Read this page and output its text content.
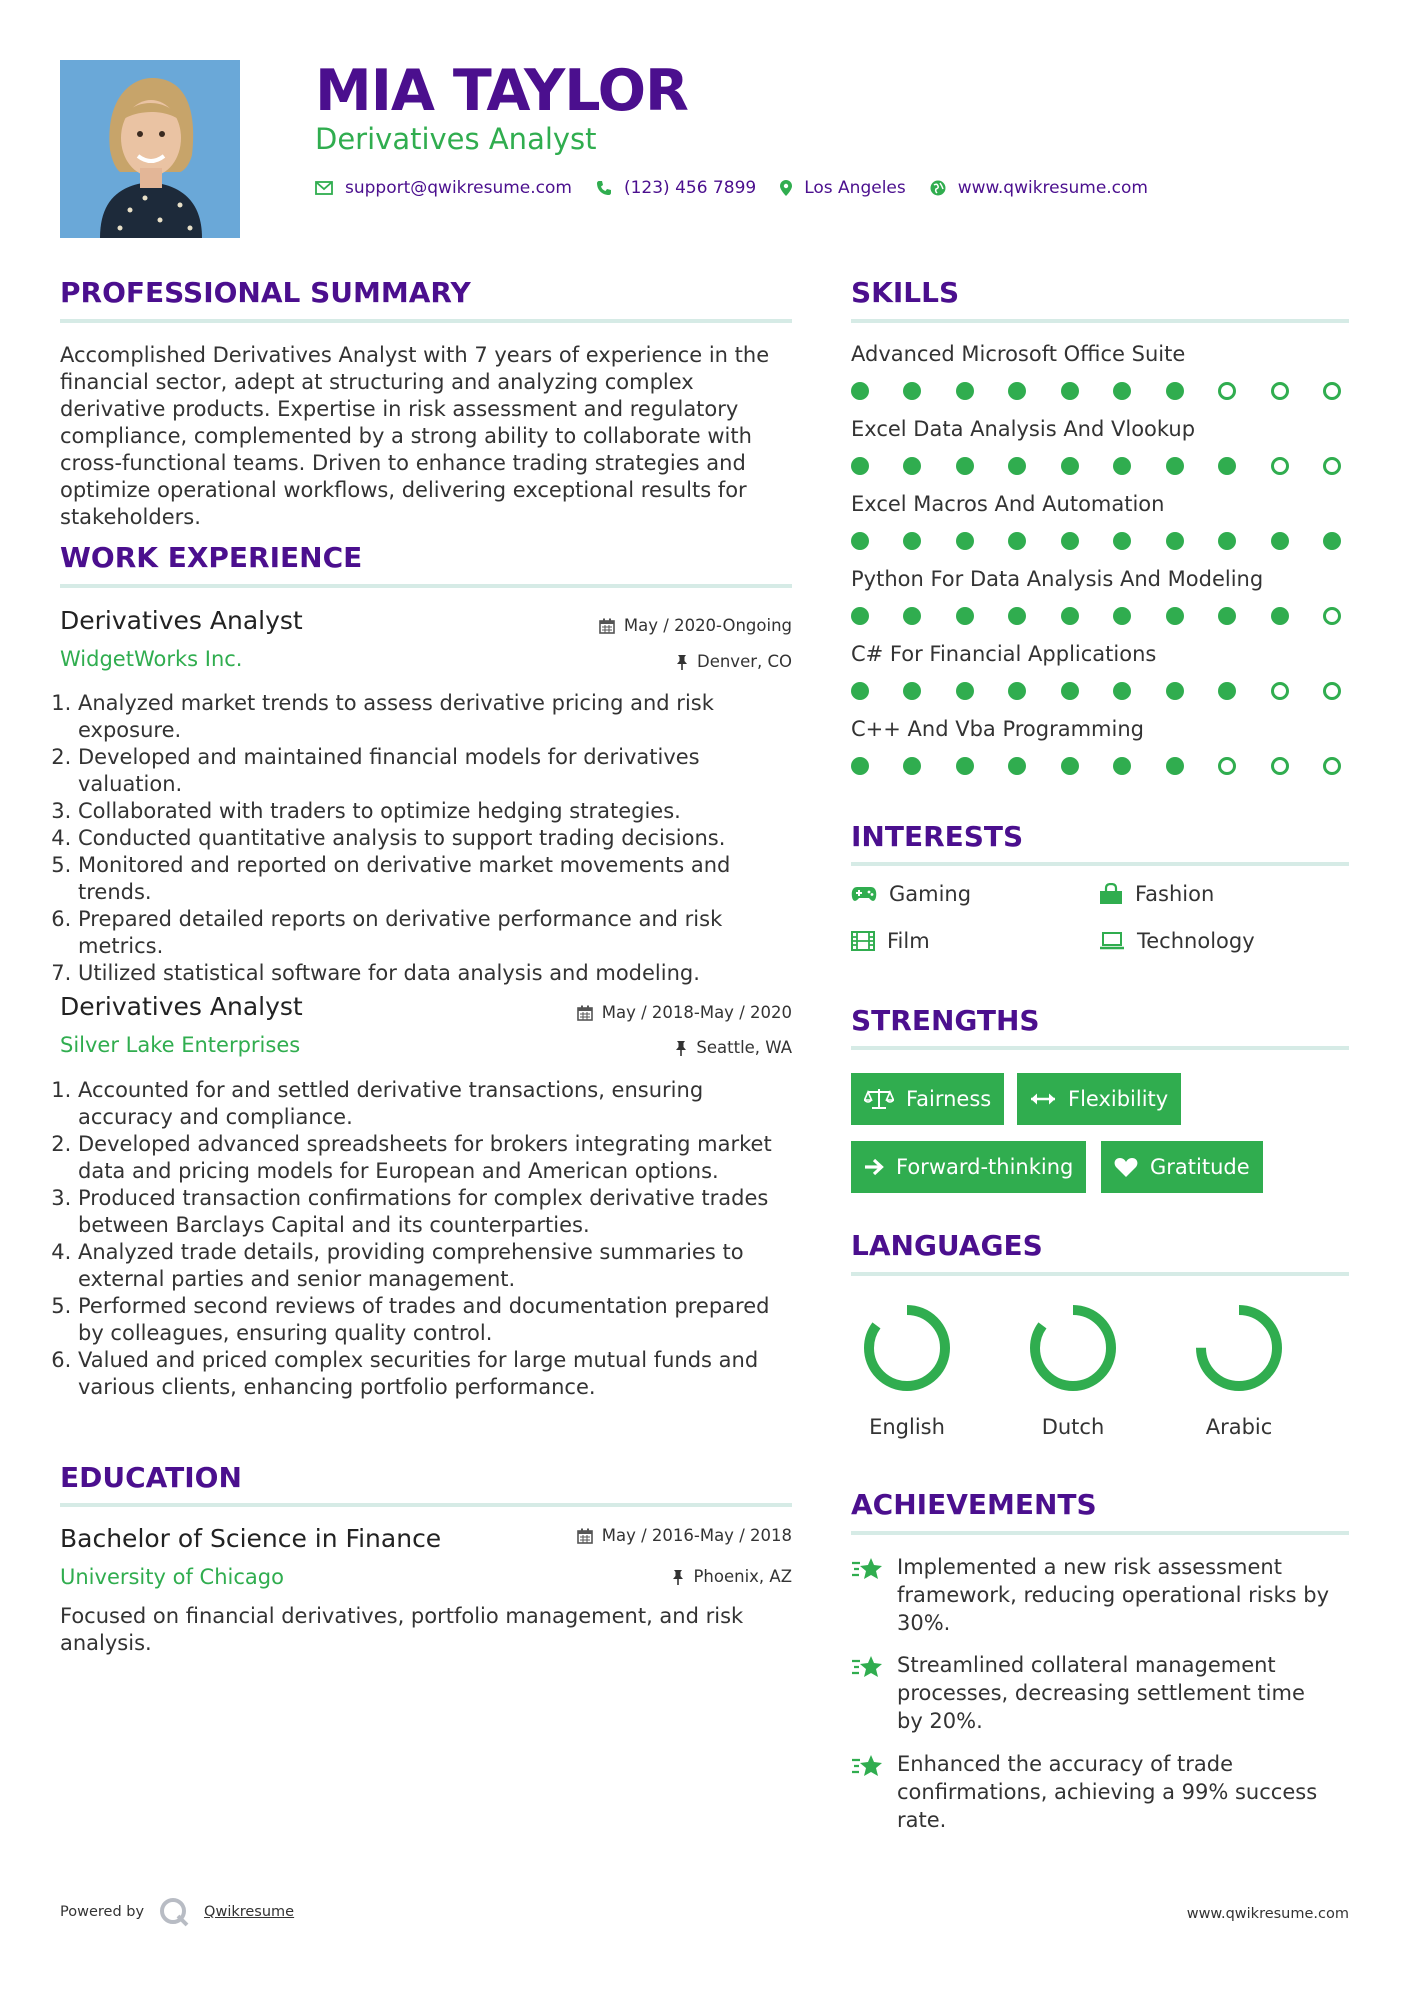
MIA TAYLOR
Derivatives Analyst
support@qwikresume.com	(123) 456 7899	Los Angeles	www.qwikresume.com
PROFESSIONAL SUMMARY
Accomplished Derivatives Analyst with 7 years of experience in the financial sector, adept at structuring and analyzing complex derivative products. Expertise in risk assessment and regulatory compliance, complemented by a strong ability to collaborate with cross-functional teams. Driven to enhance trading strategies and optimize operational workflows, delivering exceptional results for stakeholders.
WORK EXPERIENCE
Derivatives Analyst	May / 2020-Ongoing
WidgetWorks Inc.	Denver, CO
1. Analyzed market trends to assess derivative pricing and risk exposure.
2. Developed and maintained financial models for derivatives valuation.
3. Collaborated with traders to optimize hedging strategies.
4. Conducted quantitative analysis to support trading decisions.
5. Monitored and reported on derivative market movements and trends.
6. Prepared detailed reports on derivative performance and risk metrics.
7. Utilized statistical software for data analysis and modeling.
Derivatives Analyst	May / 2018-May / 2020
Silver Lake Enterprises	Seattle, WA
1. Accounted for and settled derivative transactions, ensuring accuracy and compliance.
2. Developed advanced spreadsheets for brokers integrating market data and pricing models for European and American options.
3. Produced transaction confirmations for complex derivative trades between Barclays Capital and its counterparties.
4. Analyzed trade details, providing comprehensive summaries to external parties and senior management.
5. Performed second reviews of trades and documentation prepared by colleagues, ensuring quality control.
6. Valued and priced complex securities for large mutual funds and various clients, enhancing portfolio performance.
EDUCATION
Bachelor of Science in Finance	May / 2016-May / 2018
University of Chicago	Phoenix, AZ
Focused on financial derivatives, portfolio management, and risk analysis.
SKILLS
Advanced Microsoft Office Suite
Excel Data Analysis And Vlookup
Excel Macros And Automation
Python For Data Analysis And Modeling
C# For Financial Applications
C++ And Vba Programming
INTERESTS
Gaming	Fashion
Film	Technology
STRENGTHS
Fairness	Flexibility
Forward-thinking	Gratitude
LANGUAGES
English	Dutch	Arabic
ACHIEVEMENTS
Implemented a new risk assessment framework, reducing operational risks by 30%.
Streamlined collateral management processes, decreasing settlement time by 20%.
Enhanced the accuracy of trade confirmations, achieving a 99% success rate.
Powered by	Qwikresume	www.qwikresume.com
